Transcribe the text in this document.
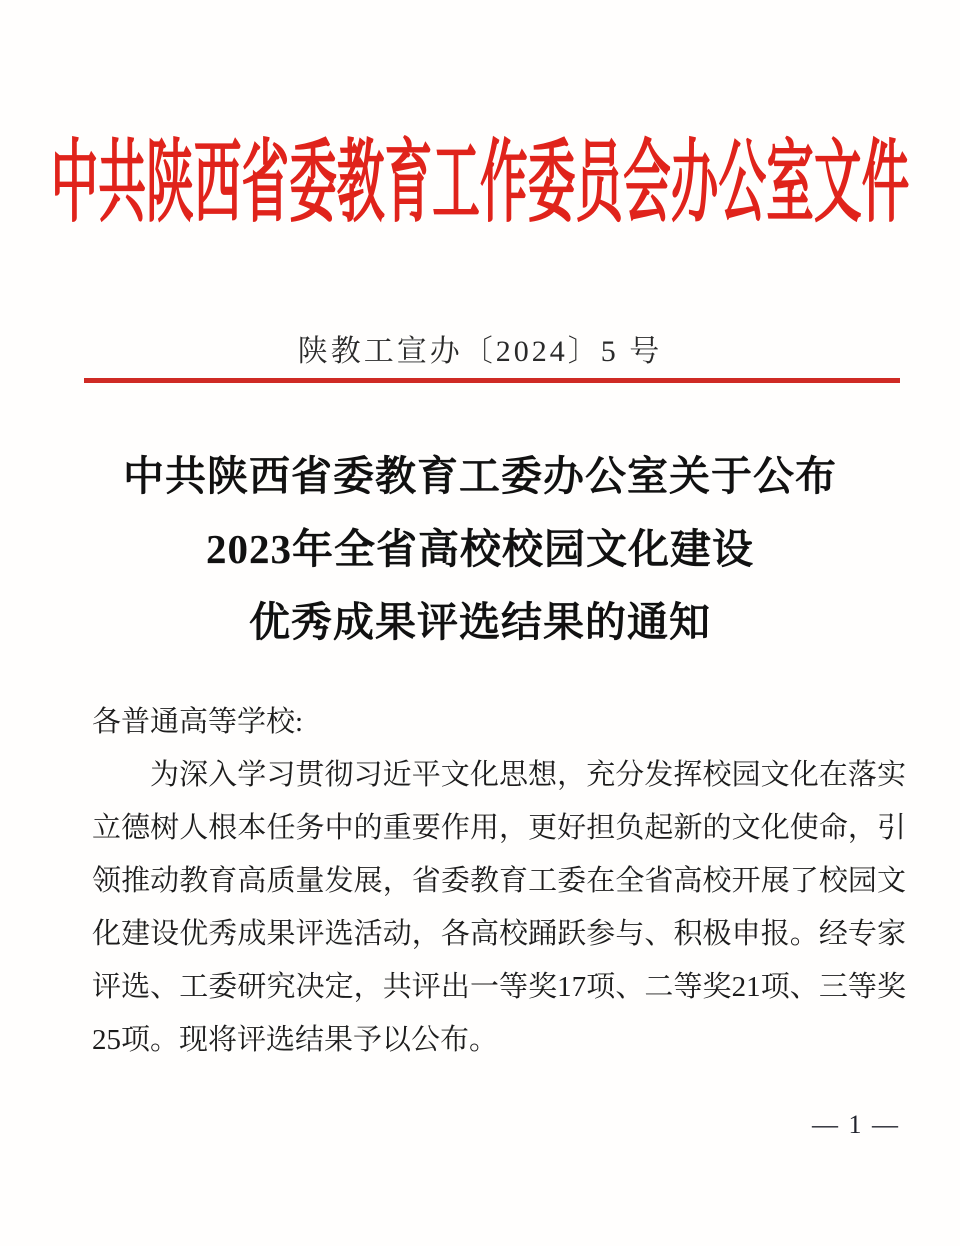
中共陕西省委教育工作委员会办公室文件
陕教工宣办〔2024〕5 号
中共陕西省委教育工委办公室关于公布
2023年全省高校校园文化建设
优秀成果评选结果的通知

各普通高等学校:

为深入学习贯彻习近平文化思想，充分发挥校园文化在落实立德树人根本任务中的重要作用，更好担负起新的文化使命，引领推动教育高质量发展，省委教育工委在全省高校开展了校园文化建设优秀成果评选活动，各高校踊跃参与、积极申报。经专家评选、工委研究决定，共评出一等奖17项、二等奖21项、三等奖25项。现将评选结果予以公布。

— 1 —
